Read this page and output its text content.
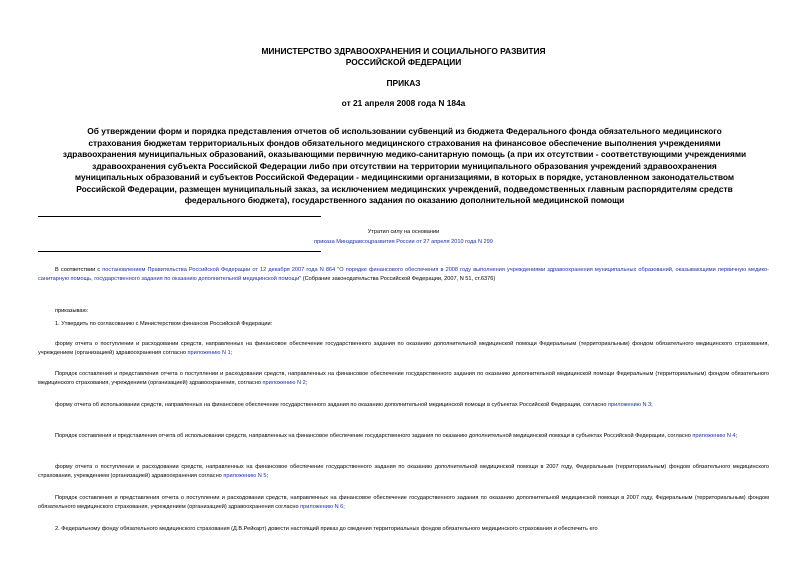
МИНИСТЕРСТВО ЗДРАВООХРАНЕНИЯ И СОЦИАЛЬНОГО РАЗВИТИЯ
РОССИЙСКОЙ ФЕДЕРАЦИИ
ПРИКАЗ
от 21 апреля 2008 года N 184а
Об утверждении форм и порядка представления отчетов об использовании субвенций из бюджета Федерального фонда обязательного медицинского
страхования бюджетам территориальных фондов обязательного медицинского страхования на финансовое обеспечение выполнения учреждениями
здравоохранения муниципальных образований, оказывающими первичную медико-санитарную помощь (а при их отсутствии - соответствующими учреждениями
здравоохранения субъекта Российской Федерации либо при отсутствии на территории муниципального образования учреждений здравоохранения
муниципальных образований и субъектов Российской Федерации - медицинскими организациями, в которых в порядке, установленном законодательством
Российской Федерации, размещен муниципальный заказ, за исключением медицинских учреждений, подведомственных главным распорядителям средств
федерального бюджета), государственного задания по оказанию дополнительной медицинской помощи
Утратил силу на основании
приказа Минздравсоцразвития России от 27 апреля 2010 года N 299

В соответствии с постановлением Правительства Российской Федерации от 12 декабря 2007 года N 864 "О порядке финансового обеспечения в 2008 году выполнения учреждениями здравоохранения муниципальных образований, оказывающими первичную медико-санитарную помощь, государственного задания по оказанию дополнительной медицинской помощи" (Собрание законодательства Российской Федерации, 2007, N 51, ст.6376)

приказываю:

1. Утвердить по согласованию с Министерством финансов Российской Федерации:

форму отчета о поступлении и расходовании средств, направленных на финансовое обеспечение государственного задания по оказанию дополнительной медицинской помощи Федеральным (территориальным) фондом обязательного медицинского страхования, учреждением (организацией) здравоохранения согласно приложению N 1;

Порядок составления и представления отчета о поступлении и расходовании средств, направленных на финансовое обеспечение государственного задания по оказанию дополнительной медицинской помощи Федеральным (территориальным) фондом обязательного медицинского страхования, учреждением (организацией) здравоохранения, согласно приложению N 2;

форму отчета об использовании средств, направленных на финансовое обеспечение государственного задания по оказанию дополнительной медицинской помощи в субъектах Российской Федерации, согласно приложению N 3;

Порядок составления и представления отчета об использовании средств, направленных на финансовое обеспечение государственного задания по оказанию дополнительной медицинской помощи в субъектах Российской Федерации, согласно приложению N 4;

форму отчета о поступлении и расходовании средств, направленных на финансовое обеспечение государственного задания по оказанию дополнительной медицинской помощи в 2007 году, Федеральным (территориальным) фондом обязательного медицинского страхования, учреждением (организацией) здравоохранения согласно приложению N 5;

Порядок составления и представления отчета о поступлении и расходовании средств, направленных на финансовое обеспечение государственного задания по оказанию дополнительной медицинской помощи в 2007 году, Федеральным (территориальным) фондом обязательного медицинского страхования, учреждением (организацией) здравоохранения согласно приложению N 6;

2. Федеральному фонду обязательного медицинского страхования (Д.В.Рейкарт) довести настоящий приказ до сведения территориальных фондов обязательного медицинского страхования и обеспечить его
